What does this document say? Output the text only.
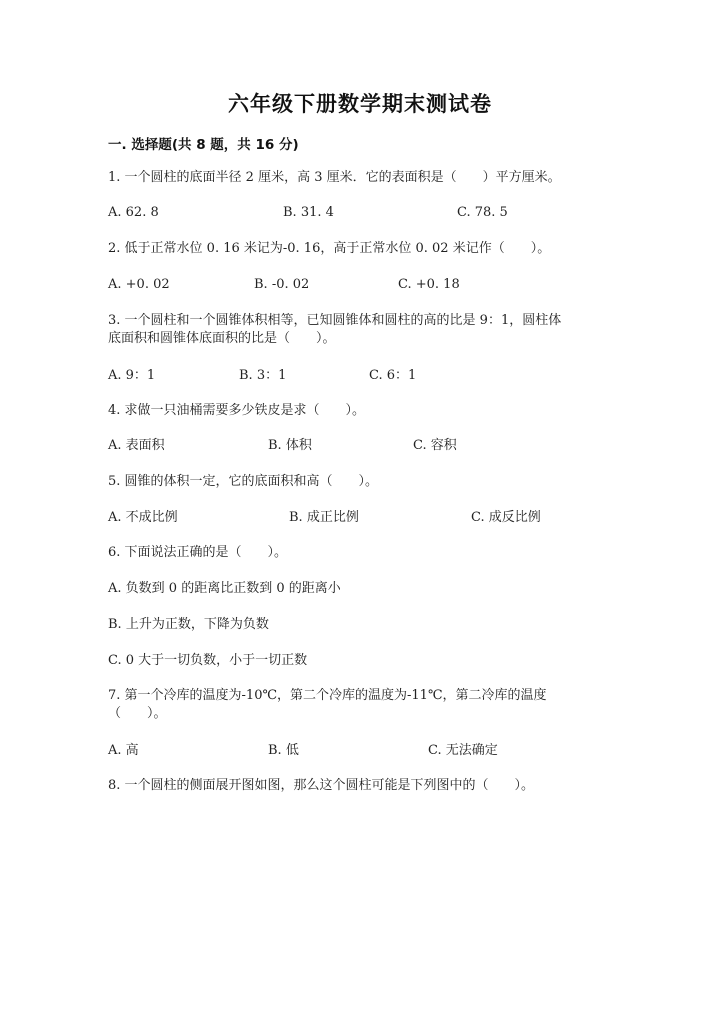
六年级下册数学期末测试卷
一. 选择题(共 8 题，共 16 分)
1. 一个圆柱的底面半径 2 厘米，高 3 厘米．它的表面积是（　　）平方厘米。
A. 62. 8	B. 31. 4	C. 78. 5
2. 低于正常水位 0. 16 米记为-0. 16，高于正常水位 0. 02 米记作（　　）。
A. +0. 02	B. -0. 02	C. +0. 18
3. 一个圆柱和一个圆锥体积相等，已知圆锥体和圆柱的高的比是 9：1，圆柱体
底面积和圆锥体底面积的比是（　　）。
A. 9：1	B. 3：1	C. 6：1
4. 求做一只油桶需要多少铁皮是求（　　）。
A. 表面积	B. 体积	C. 容积
5. 圆锥的体积一定，它的底面积和高（　　）。
A. 不成比例	B. 成正比例	C. 成反比例
6. 下面说法正确的是（　　）。
A. 负数到 0 的距离比正数到 0 的距离小
B. 上升为正数，下降为负数
C. 0 大于一切负数，小于一切正数
7. 第一个冷库的温度为-10℃，第二个冷库的温度为-11℃，第二冷库的温度
（　　）。
A. 高	B. 低	C. 无法确定
8. 一个圆柱的侧面展开图如图，那么这个圆柱可能是下列图中的（　　）。
